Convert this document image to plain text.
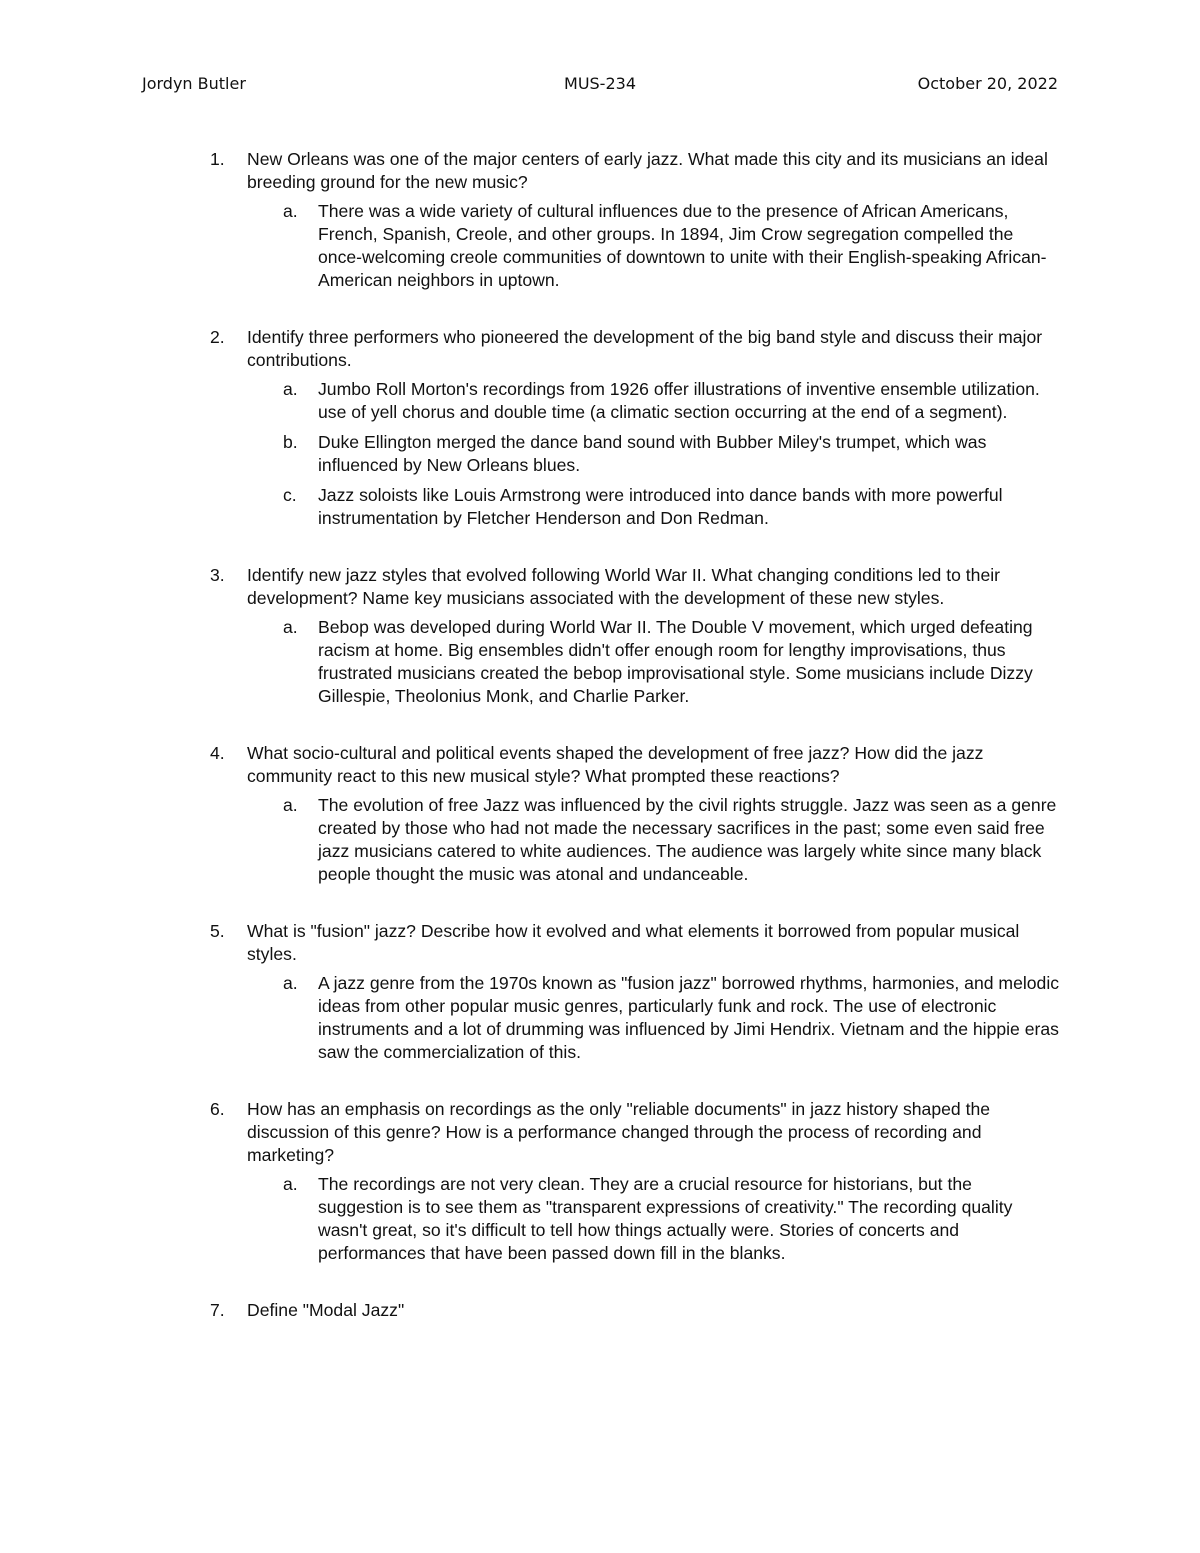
Jordyn Butler	MUS-234	October 20, 2022
1. New Orleans was one of the major centers of early jazz. What made this city and its musicians an ideal breeding ground for the new music?
a. There was a wide variety of cultural influences due to the presence of African Americans, French, Spanish, Creole, and other groups. In 1894, Jim Crow segregation compelled the once-welcoming creole communities of downtown to unite with their English-speaking African-American neighbors in uptown.
2. Identify three performers who pioneered the development of the big band style and discuss their major contributions.
a. Jumbo Roll Morton's recordings from 1926 offer illustrations of inventive ensemble utilization. use of yell chorus and double time (a climatic section occurring at the end of a segment).
b. Duke Ellington merged the dance band sound with Bubber Miley's trumpet, which was influenced by New Orleans blues.
c. Jazz soloists like Louis Armstrong were introduced into dance bands with more powerful instrumentation by Fletcher Henderson and Don Redman.
3. Identify new jazz styles that evolved following World War II. What changing conditions led to their development? Name key musicians associated with the development of these new styles.
a. Bebop was developed during World War II. The Double V movement, which urged defeating racism at home. Big ensembles didn't offer enough room for lengthy improvisations, thus frustrated musicians created the bebop improvisational style. Some musicians include Dizzy Gillespie, Theolonius Monk, and Charlie Parker.
4. What socio-cultural and political events shaped the development of free jazz? How did the jazz community react to this new musical style? What prompted these reactions?
a. The evolution of free Jazz was influenced by the civil rights struggle. Jazz was seen as a genre created by those who had not made the necessary sacrifices in the past; some even said free jazz musicians catered to white audiences. The audience was largely white since many black people thought the music was atonal and undanceable.
5. What is "fusion" jazz? Describe how it evolved and what elements it borrowed from popular musical styles.
a. A jazz genre from the 1970s known as "fusion jazz" borrowed rhythms, harmonies, and melodic ideas from other popular music genres, particularly funk and rock. The use of electronic instruments and a lot of drumming was influenced by Jimi Hendrix. Vietnam and the hippie eras saw the commercialization of this.
6. How has an emphasis on recordings as the only "reliable documents" in jazz history shaped the discussion of this genre? How is a performance changed through the process of recording and marketing?
a. The recordings are not very clean. They are a crucial resource for historians, but the suggestion is to see them as "transparent expressions of creativity." The recording quality wasn't great, so it's difficult to tell how things actually were. Stories of concerts and performances that have been passed down fill in the blanks.
7. Define "Modal Jazz"
